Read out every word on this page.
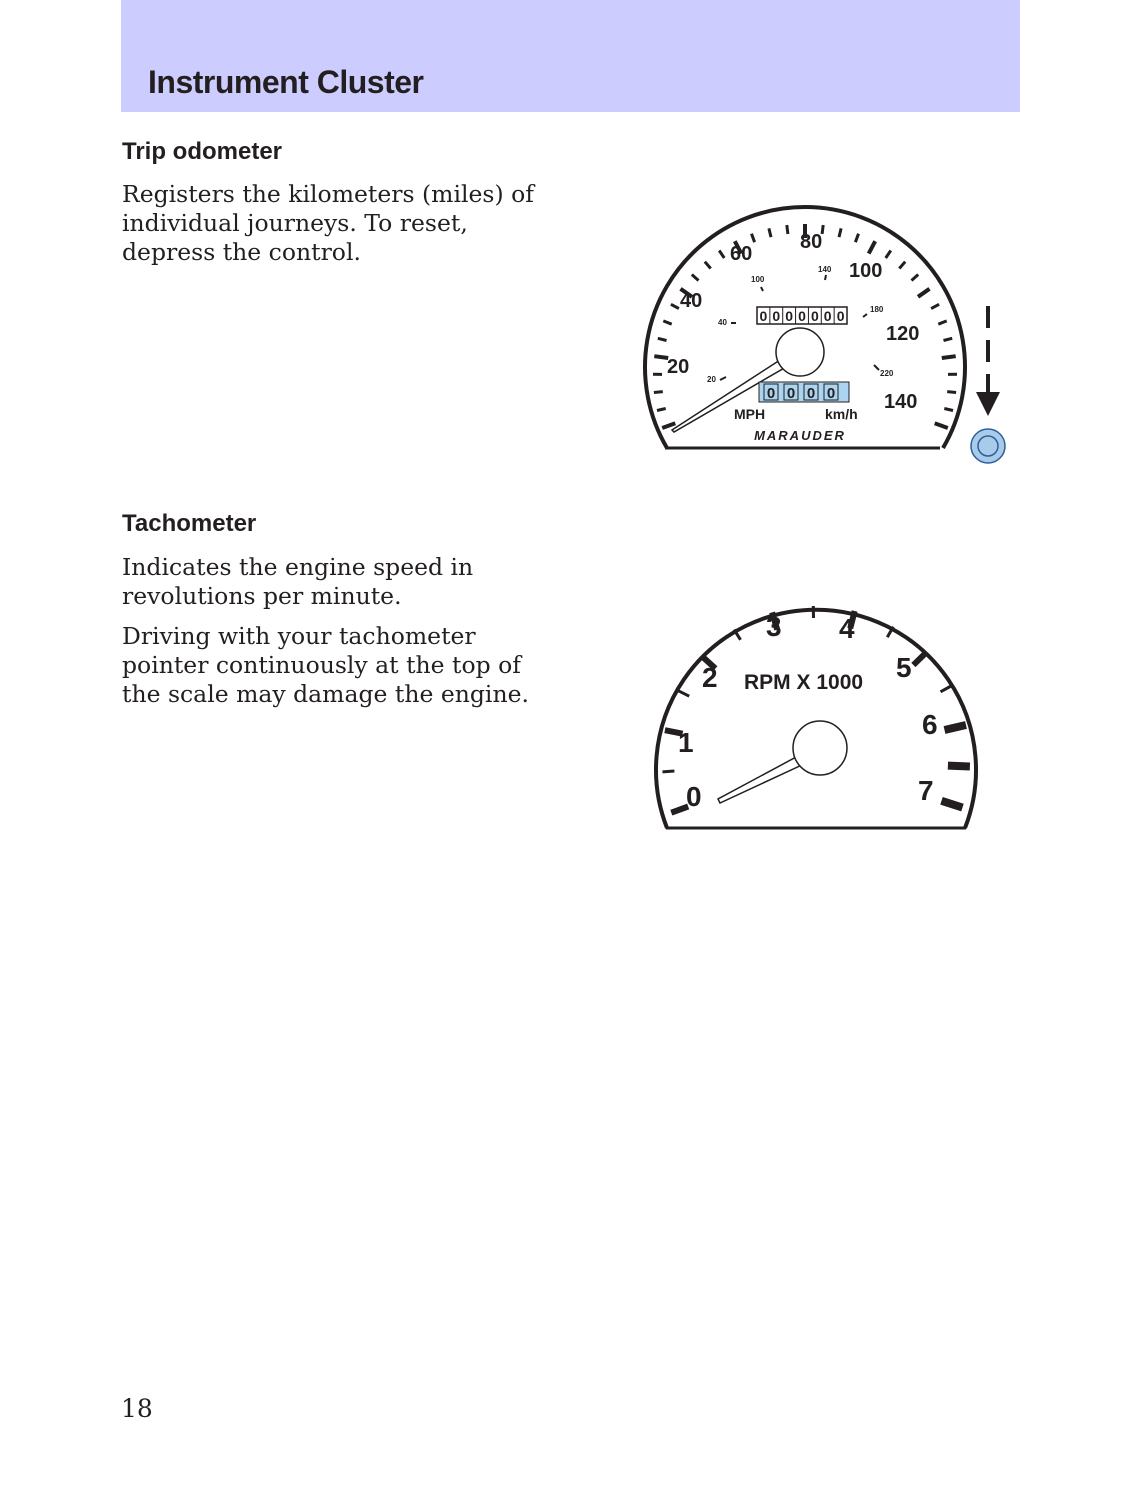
Instrument Cluster
Trip odometer

Registers the kilometers (miles) of individual journeys. To reset, depress the control.

20
40
60
80
100
120
140
20
40
100
140
180
220
0 0 0 0 0 0 0
0 0 0 0
MPH	km/h
MARAUDER
Tachometer

Indicates the engine speed in revolutions per minute.

Driving with your tachometer pointer continuously at the top of the scale may damage the engine.

0
1
2
3 4
5
6
7
RPM X 1000

18
